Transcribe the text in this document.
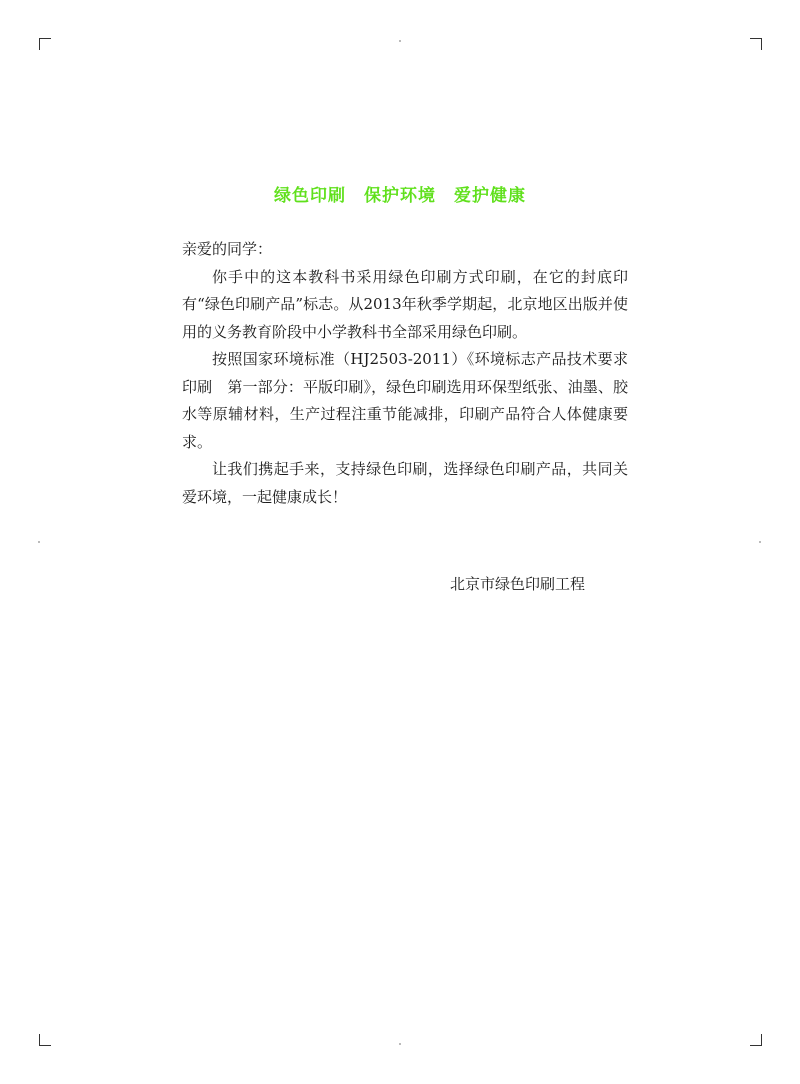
绿色印刷　保护环境　爱护健康

亲爱的同学：

你手中的这本教科书采用绿色印刷方式印刷，在它的封底印有“绿色印刷产品”标志。从2013年秋季学期起，北京地区出版并使用的义务教育阶段中小学教科书全部采用绿色印刷。

按照国家环境标准（HJ2503-2011）《环境标志产品技术要求　印刷　第一部分：平版印刷》，绿色印刷选用环保型纸张、油墨、胶水等原辅材料，生产过程注重节能减排，印刷产品符合人体健康要求。

让我们携起手来，支持绿色印刷，选择绿色印刷产品，共同关爱环境，一起健康成长！

北京市绿色印刷工程
